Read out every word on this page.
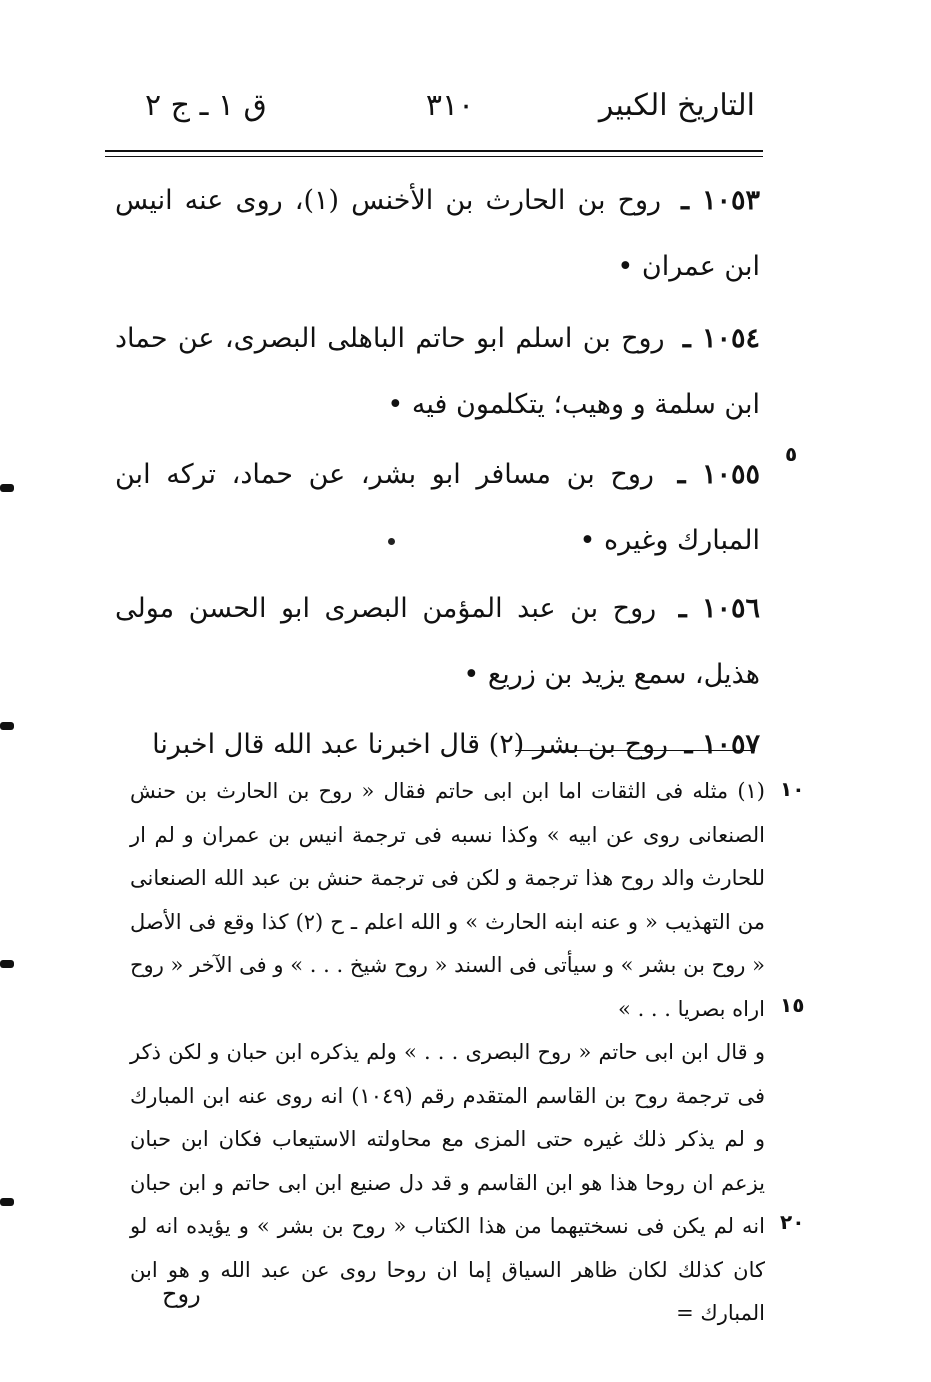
التاريخ الكبير
٣١٠
ق ١ ـ ج ٢

١٠٥٣ ـ روح بن الحارث بن الأخنس (١)، روى عنه انيس ابن عمران •

١٠٥٤ ـ روح بن اسلم ابو حاتم الباهلى البصرى، عن حماد ابن سلمة و وهيب؛ يتكلمون فيه •

١٠٥٥ ـ روح بن مسافر ابو بشر، عن حماد، تركه ابن المبارك وغيره •

١٠٥٦ ـ روح بن عبد المؤمن البصرى ابو الحسن مولى هذيل، سمع يزيد بن زريع •

١٠٥٧ ـ روح بن بشر (٢) قال اخبرنا عبد الله قال اخبرنا

(١) مثله فى الثقات اما ابن ابى حاتم فقال « روح بن الحارث بن حنش الصنعانى روى عن ابيه » وكذا نسبه فى ترجمة انيس بن عمران و لم ار للحارث والد روح هذا ترجمة و لكن فى ترجمة حنش بن عبد الله الصنعانى من التهذيب « و عنه ابنه الحارث » و الله اعلم ـ ح (٢) كذا وقع فى الأصل « روح بن بشر » و سيأتى فى السند « روح شيخ . . . » و فى الآخر « روح اراه بصريا . . . »

و قال ابن ابى حاتم « روح البصرى . . . » ولم يذكره ابن حبان و لكن ذكر فى ترجمة روح بن القاسم المتقدم رقم (١٠٤٩) انه روى عنه ابن المبارك و لم يذكر ذلك غيره حتى المزى مع محاولته الاستيعاب فكان ابن حبان يزعم ان روحا هذا هو ابن القاسم و قد دل صنيع ابن ابى حاتم و ابن حبان انه لم يكن فى نسختيهما من هذا الكتاب « روح بن بشر » و يؤيده انه لو كان كذلك لكان ظاهر السياق إما ان روحا روى عن عبد الله و هو ابن المبارك =

٥
١٠
١٥
٢٠
روح
